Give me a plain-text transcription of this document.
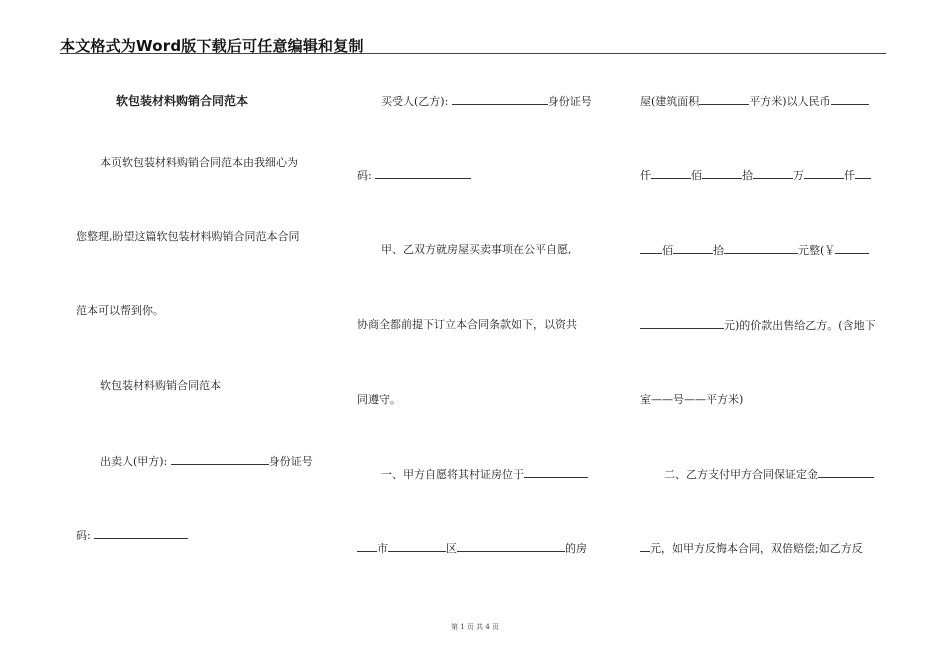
本文格式为Word版下载后可任意编辑和复制
软包装材料购销合同范本
本页软包装材料购销合同范本由我细心为
您整理,盼望这篇软包装材料购销合同范本合同
范本可以帮到你。
软包装材料购销合同范本
出卖人(甲方):	身份证号
码:
买受人(乙方):	身份证号
码:
甲、乙双方就房屋买卖事项在公平自愿,
协商全都前提下订立本合同条款如下，以资共
同遵守。
一、甲方自愿将其村证房位于
市	区	的房
屋(建筑面积	平方米)以人民币
仟	佰	拾	万	仟
佰	拾	元整(￥
元)的价款出售给乙方。(含地下
室——号——平方米)
二、乙方支付甲方合同保证定金
元，如甲方反悔本合同，双倍赔偿;如乙方反
第 1 页 共 4 页
